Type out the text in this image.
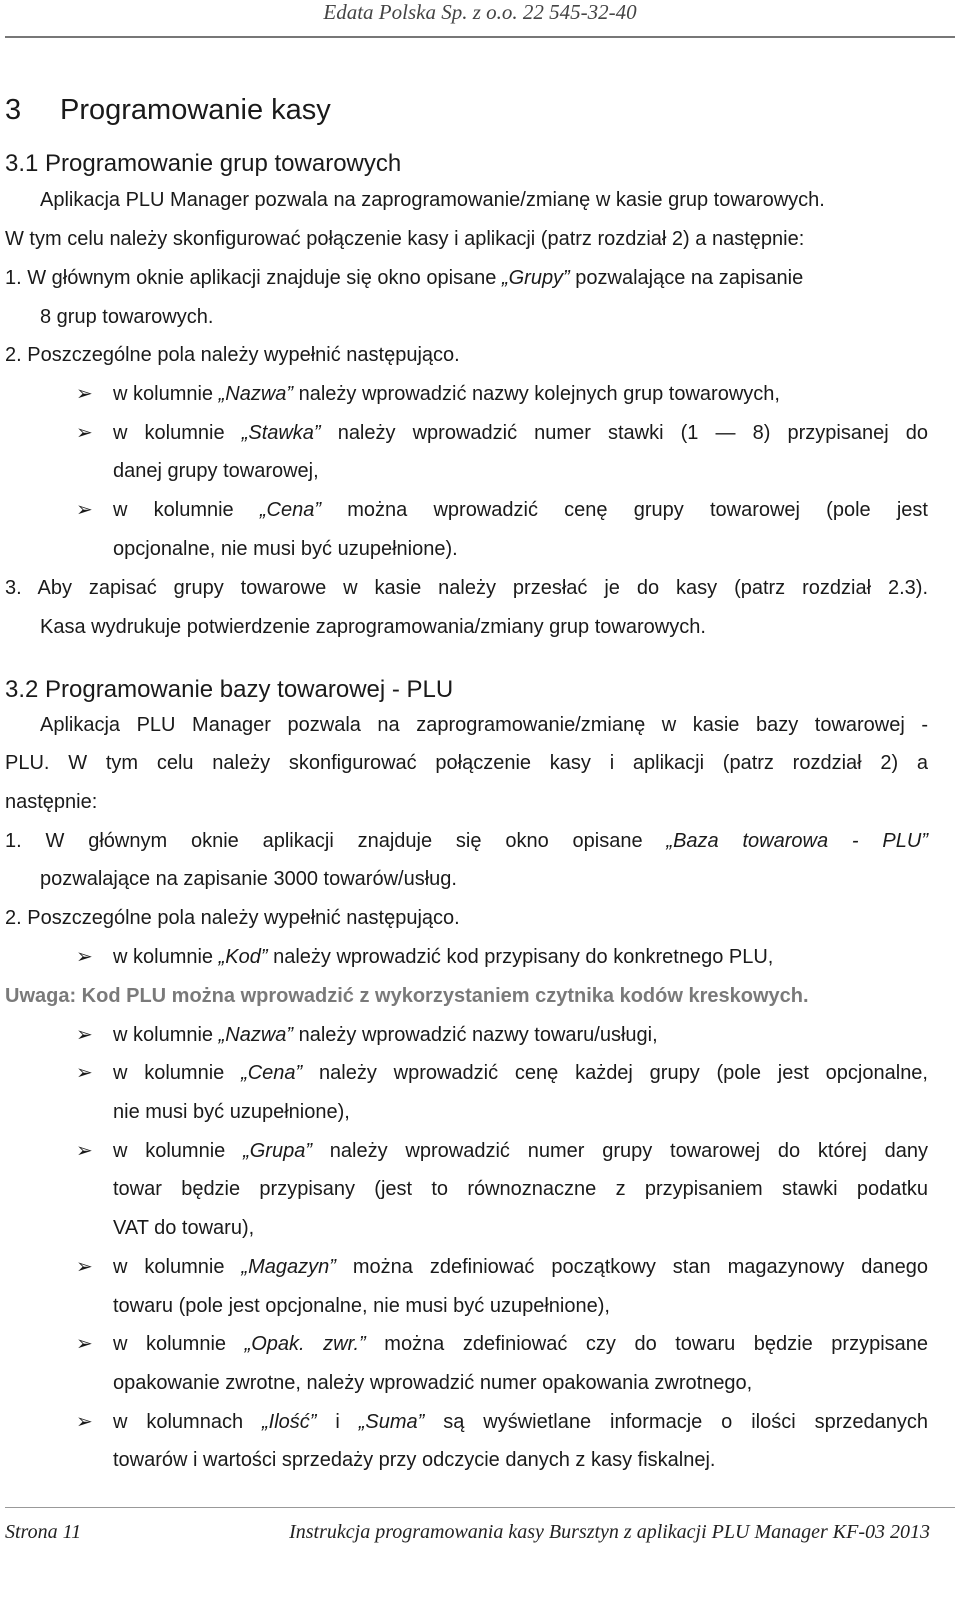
Edata Polska Sp. z o.o. 22 545-32-40
3 Programowanie kasy
3.1 Programowanie grup towarowych
Aplikacja PLU Manager pozwala na zaprogramowanie/zmianę w kasie grup towarowych.
W tym celu należy skonfigurować połączenie kasy i aplikacji (patrz rozdział 2) a następnie:
1. W głównym oknie aplikacji znajduje się okno opisane „Grupy” pozwalające na zapisanie
8 grup towarowych.
2. Poszczególne pola należy wypełnić następująco.
➢ w kolumnie „Nazwa” należy wprowadzić nazwy kolejnych grup towarowych,
➢ w kolumnie „Stawka” należy wprowadzić numer stawki (1 — 8) przypisanej do
danej grupy towarowej,
➢ w kolumnie „Cena” można wprowadzić cenę grupy towarowej (pole jest
opcjonalne, nie musi być uzupełnione).
3. Aby zapisać grupy towarowe w kasie należy przesłać je do kasy (patrz rozdział 2.3).
Kasa wydrukuje potwierdzenie zaprogramowania/zmiany grup towarowych.
3.2 Programowanie bazy towarowej - PLU
Aplikacja PLU Manager pozwala na zaprogramowanie/zmianę w kasie bazy towarowej -
PLU. W tym celu należy skonfigurować połączenie kasy i aplikacji (patrz rozdział 2) a
następnie:
1. W głównym oknie aplikacji znajduje się okno opisane „Baza towarowa - PLU”
pozwalające na zapisanie 3000 towarów/usług.
2. Poszczególne pola należy wypełnić następująco.
➢ w kolumnie „Kod” należy wprowadzić kod przypisany do konkretnego PLU,
Uwaga: Kod PLU można wprowadzić z wykorzystaniem czytnika kodów kreskowych.
➢ w kolumnie „Nazwa” należy wprowadzić nazwy towaru/usługi,
➢ w kolumnie „Cena” należy wprowadzić cenę każdej grupy (pole jest opcjonalne,
nie musi być uzupełnione),
➢ w kolumnie „Grupa” należy wprowadzić numer grupy towarowej do której dany
towar będzie przypisany (jest to równoznaczne z przypisaniem stawki podatku
VAT do towaru),
➢ w kolumnie „Magazyn” można zdefiniować początkowy stan magazynowy danego
towaru (pole jest opcjonalne, nie musi być uzupełnione),
➢ w kolumnie „Opak. zwr.” można zdefiniować czy do towaru będzie przypisane
opakowanie zwrotne, należy wprowadzić numer opakowania zwrotnego,
➢ w kolumnach „Ilość” i „Suma” są wyświetlane informacje o ilości sprzedanych
towarów i wartości sprzedaży przy odczycie danych z kasy fiskalnej.
Strona 11	Instrukcja programowania kasy Bursztyn z aplikacji PLU Manager KF-03 2013
